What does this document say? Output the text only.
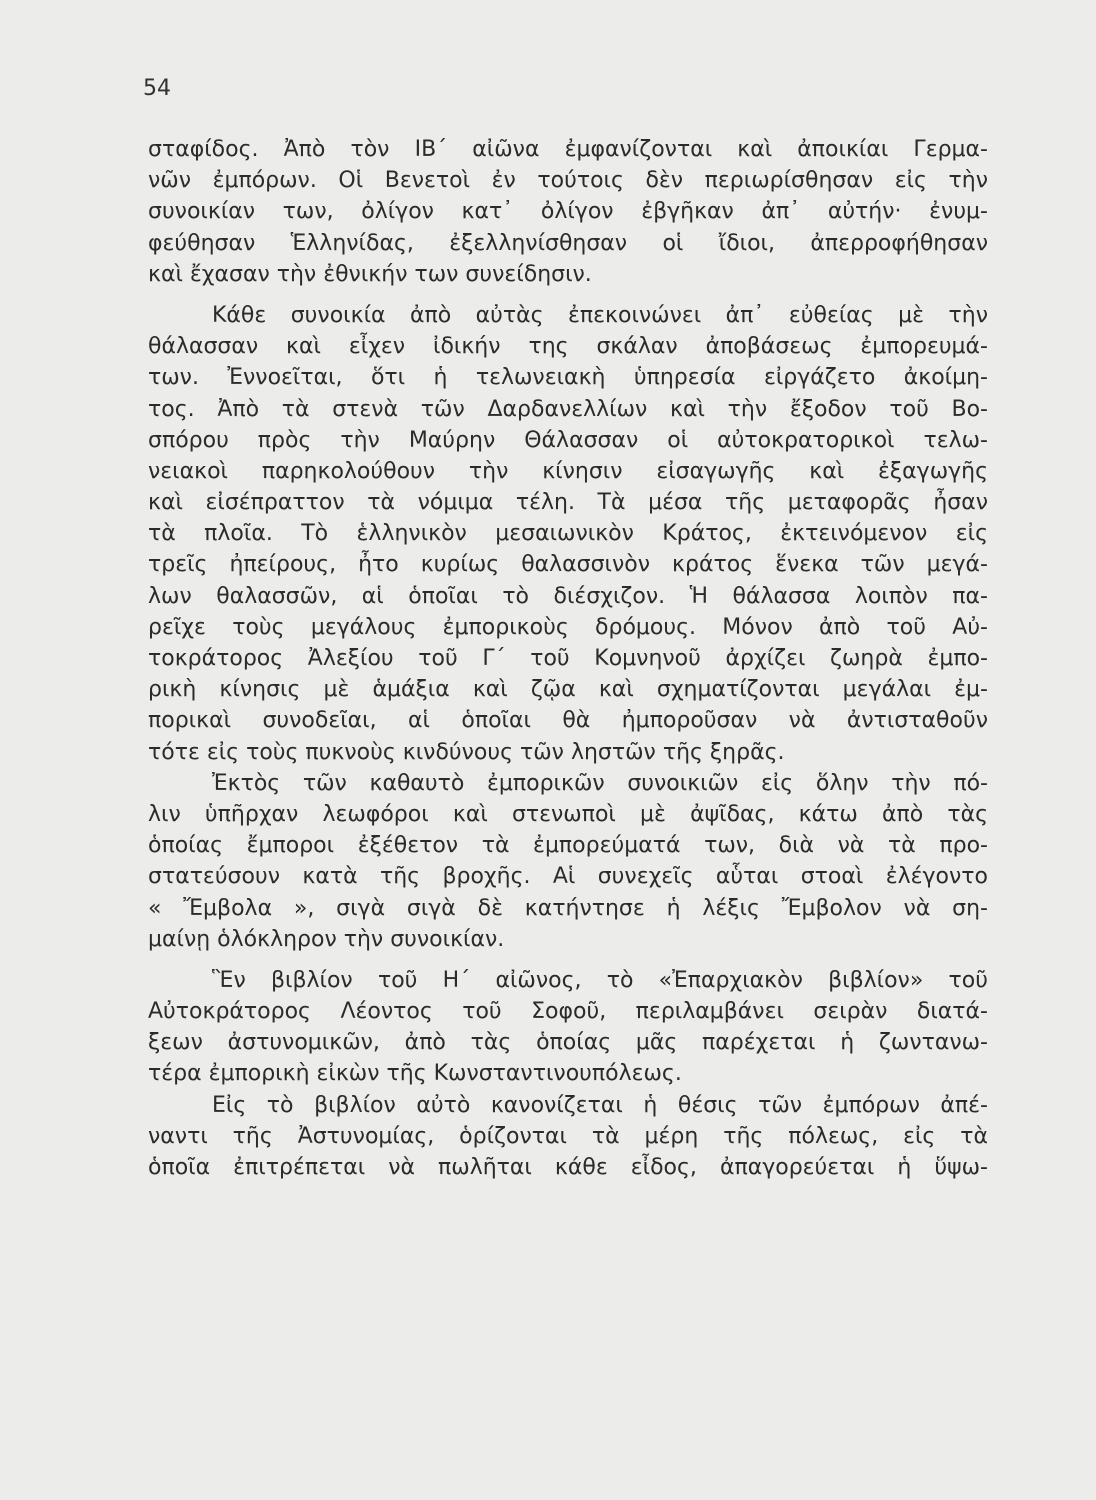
54
σταφίδος. Ἀπὸ τὸν ΙΒ΄ αἰῶνα ἐμφανίζονται καὶ ἀποικίαι Γερμα-
νῶν ἐμπόρων. Οἱ Βενετοὶ ἐν τούτοις δὲν περιωρίσθησαν εἰς τὴν
συνοικίαν των, ὀλίγον κατ᾿ ὀλίγον ἐβγῆκαν ἀπ᾿ αὐτήν· ἐνυμ-
φεύθησαν Ἑλληνίδας, ἐξελληνίσθησαν οἱ ἴδιοι, ἀπερροφήθησαν
καὶ ἔχασαν τὴν ἐθνικήν των συνείδησιν.
Κάθε συνοικία ἀπὸ αὐτὰς ἐπεκοινώνει ἀπ᾿ εὐθείας μὲ τὴν
θάλασσαν καὶ εἶχεν ἰδικήν της σκάλαν ἀποβάσεως ἐμπορευμά-
των. Ἐννοεῖται, ὅτι ἡ τελωνειακὴ ὑπηρεσία εἰργάζετο ἀκοίμη-
τος. Ἀπὸ τὰ στενὰ τῶν Δαρδανελλίων καὶ τὴν ἔξοδον τοῦ Βο-
σπόρου πρὸς τὴν Μαύρην Θάλασσαν οἱ αὐτοκρατορικοὶ τελω-
νειακοὶ παρηκολούθουν τὴν κίνησιν εἰσαγωγῆς καὶ ἐξαγωγῆς
καὶ εἰσέπραττον τὰ νόμιμα τέλη. Τὰ μέσα τῆς μεταφορᾶς ἦσαν
τὰ πλοῖα. Τὸ ἑλληνικὸν μεσαιωνικὸν Κράτος, ἐκτεινόμενον εἰς
τρεῖς ἠπείρους, ἦτο κυρίως θαλασσινὸν κράτος ἕνεκα τῶν μεγά-
λων θαλασσῶν, αἱ ὁποῖαι τὸ διέσχιζον. Ἡ θάλασσα λοιπὸν πα-
ρεῖχε τοὺς μεγάλους ἐμπορικοὺς δρόμους. Μόνον ἀπὸ τοῦ Αὐ-
τοκράτορος Ἀλεξίου τοῦ Γ΄ τοῦ Κομνηνοῦ ἀρχίζει ζωηρὰ ἐμπο-
ρικὴ κίνησις μὲ ἁμάξια καὶ ζῷα καὶ σχηματίζονται μεγάλαι ἐμ-
πορικαὶ συνοδεῖαι, αἱ ὁποῖαι θὰ ἠμποροῦσαν νὰ ἀντισταθοῦν
τότε εἰς τοὺς πυκνοὺς κινδύνους τῶν ληστῶν τῆς ξηρᾶς.
Ἐκτὸς τῶν καθαυτὸ ἐμπορικῶν συνοικιῶν εἰς ὅλην τὴν πό-
λιν ὑπῆρχαν λεωφόροι καὶ στενωποὶ μὲ ἀψῖδας, κάτω ἀπὸ τὰς
ὁποίας ἔμποροι ἐξέθετον τὰ ἐμπορεύματά των, διὰ νὰ τὰ προ-
στατεύσουν κατὰ τῆς βροχῆς. Αἱ συνεχεῖς αὗται στοαὶ ἐλέγοντο
« Ἔμβολα », σιγὰ σιγὰ δὲ κατήντησε ἡ λέξις Ἔμβολον νὰ ση-
μαίνῃ ὁλόκληρον τὴν συνοικίαν.
Ἓν βιβλίον τοῦ Η΄ αἰῶνος, τὸ «Ἐπαρχιακὸν βιβλίον» τοῦ
Αὐτοκράτορος Λέοντος τοῦ Σοφοῦ, περιλαμβάνει σειρὰν διατά-
ξεων ἀστυνομικῶν, ἀπὸ τὰς ὁποίας μᾶς παρέχεται ἡ ζωντανω-
τέρα ἐμπορικὴ εἰκὼν τῆς Κωνσταντινουπόλεως.
Εἰς τὸ βιβλίον αὐτὸ κανονίζεται ἡ θέσις τῶν ἐμπόρων ἀπέ-
ναντι τῆς Ἀστυνομίας, ὁρίζονται τὰ μέρη τῆς πόλεως, εἰς τὰ
ὁποῖα ἐπιτρέπεται νὰ πωλῆται κάθε εἶδος, ἀπαγορεύεται ἡ ὕψω-
